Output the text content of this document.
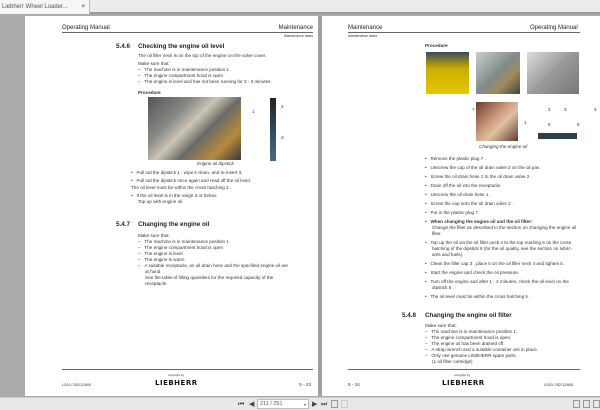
Liebherr Wheel Loader... ×
Operating Manual	Maintenance
Maintenance tasks
5.4.6 Checking the engine oil level
The oil filler neck is on the top of the engine on the valve cover.
Make sure that:
–   The machine is in maintenance position 1
–   The engine compartment hood is open
–   The engine is level and has not been running for 2 - 3 minutes
Procedure
1
2
3
Engine oil dipstick
•   Pull out the dipstick 1 , wipe it clean, and re-insert it.
•   Pull out the dipstick once again and read off the oil level.
The oil level must be within the cross hatching 2 .
•   If the oil level is in the range 3 or below:
Top up with engine oil.
5.4.7 Changing the engine oil
Make sure that:
–   The machine is in maintenance position 1
–   The engine compartment hood is open
–   The engine is level
–   The engine is warm
–   A suitable receptacle, an oil drain hose and the specified engine oil are
at hand
See the table of filling quantities for the required capacity of the
receptacle.
L510-782/12800
copyright by
LIEBHERR	5 - 23
Maintenance
Maintenance tasks
Operating Manual
Procedure
7	2	3	4
1	6	5
Changing the engine oil
•   Remove the plastic plug 7 .
•   Unscrew the cap of the oil drain valve 2 on the oil pan.
•   Screw the oil drain hose 1 to the oil drain valve 2 .
•   Drain off the oil into the receptacle.
•   Unscrew the oil drain hose 1 .
•   Screw the cap onto the oil drain valve 2 .
•   Put in the plastic plug 7 .
•   When changing the engine oil and the oil filter:
Change the filter as described in the section on changing the engine oil
filter.
•   Top up the oil via the oil filler neck 4 to the top marking 5 on the cross
hatching of the dipstick 6 (for the oil quality, see the section on lubric-
ants and fuels).
•   Clean the filler cap 3 , place it on the oil filler neck 4 and tighten it.
•   Start the engine and check the oil pressure.
•   Turn off the engine and after 1 - 2 minutes, check the oil level on the
dipstick 6 .
•   The oil level must be within the cross hatching 5 .
5.4.8 Changing the engine oil filter
Make sure that:
–   The machine is in maintenance position 1.
–   The engine compartment hood is open.
–   The engine oil has been drained off.
–   A strap wrench and a suitable container are in place.
–   Only use genuine LIEBHERR spare parts.
(1 oil filter cartridge)
5 - 24
copyright by
LIEBHERR	L510-782/12800
⏮ ◀	211 / 251	▾ ▶ ⏭
